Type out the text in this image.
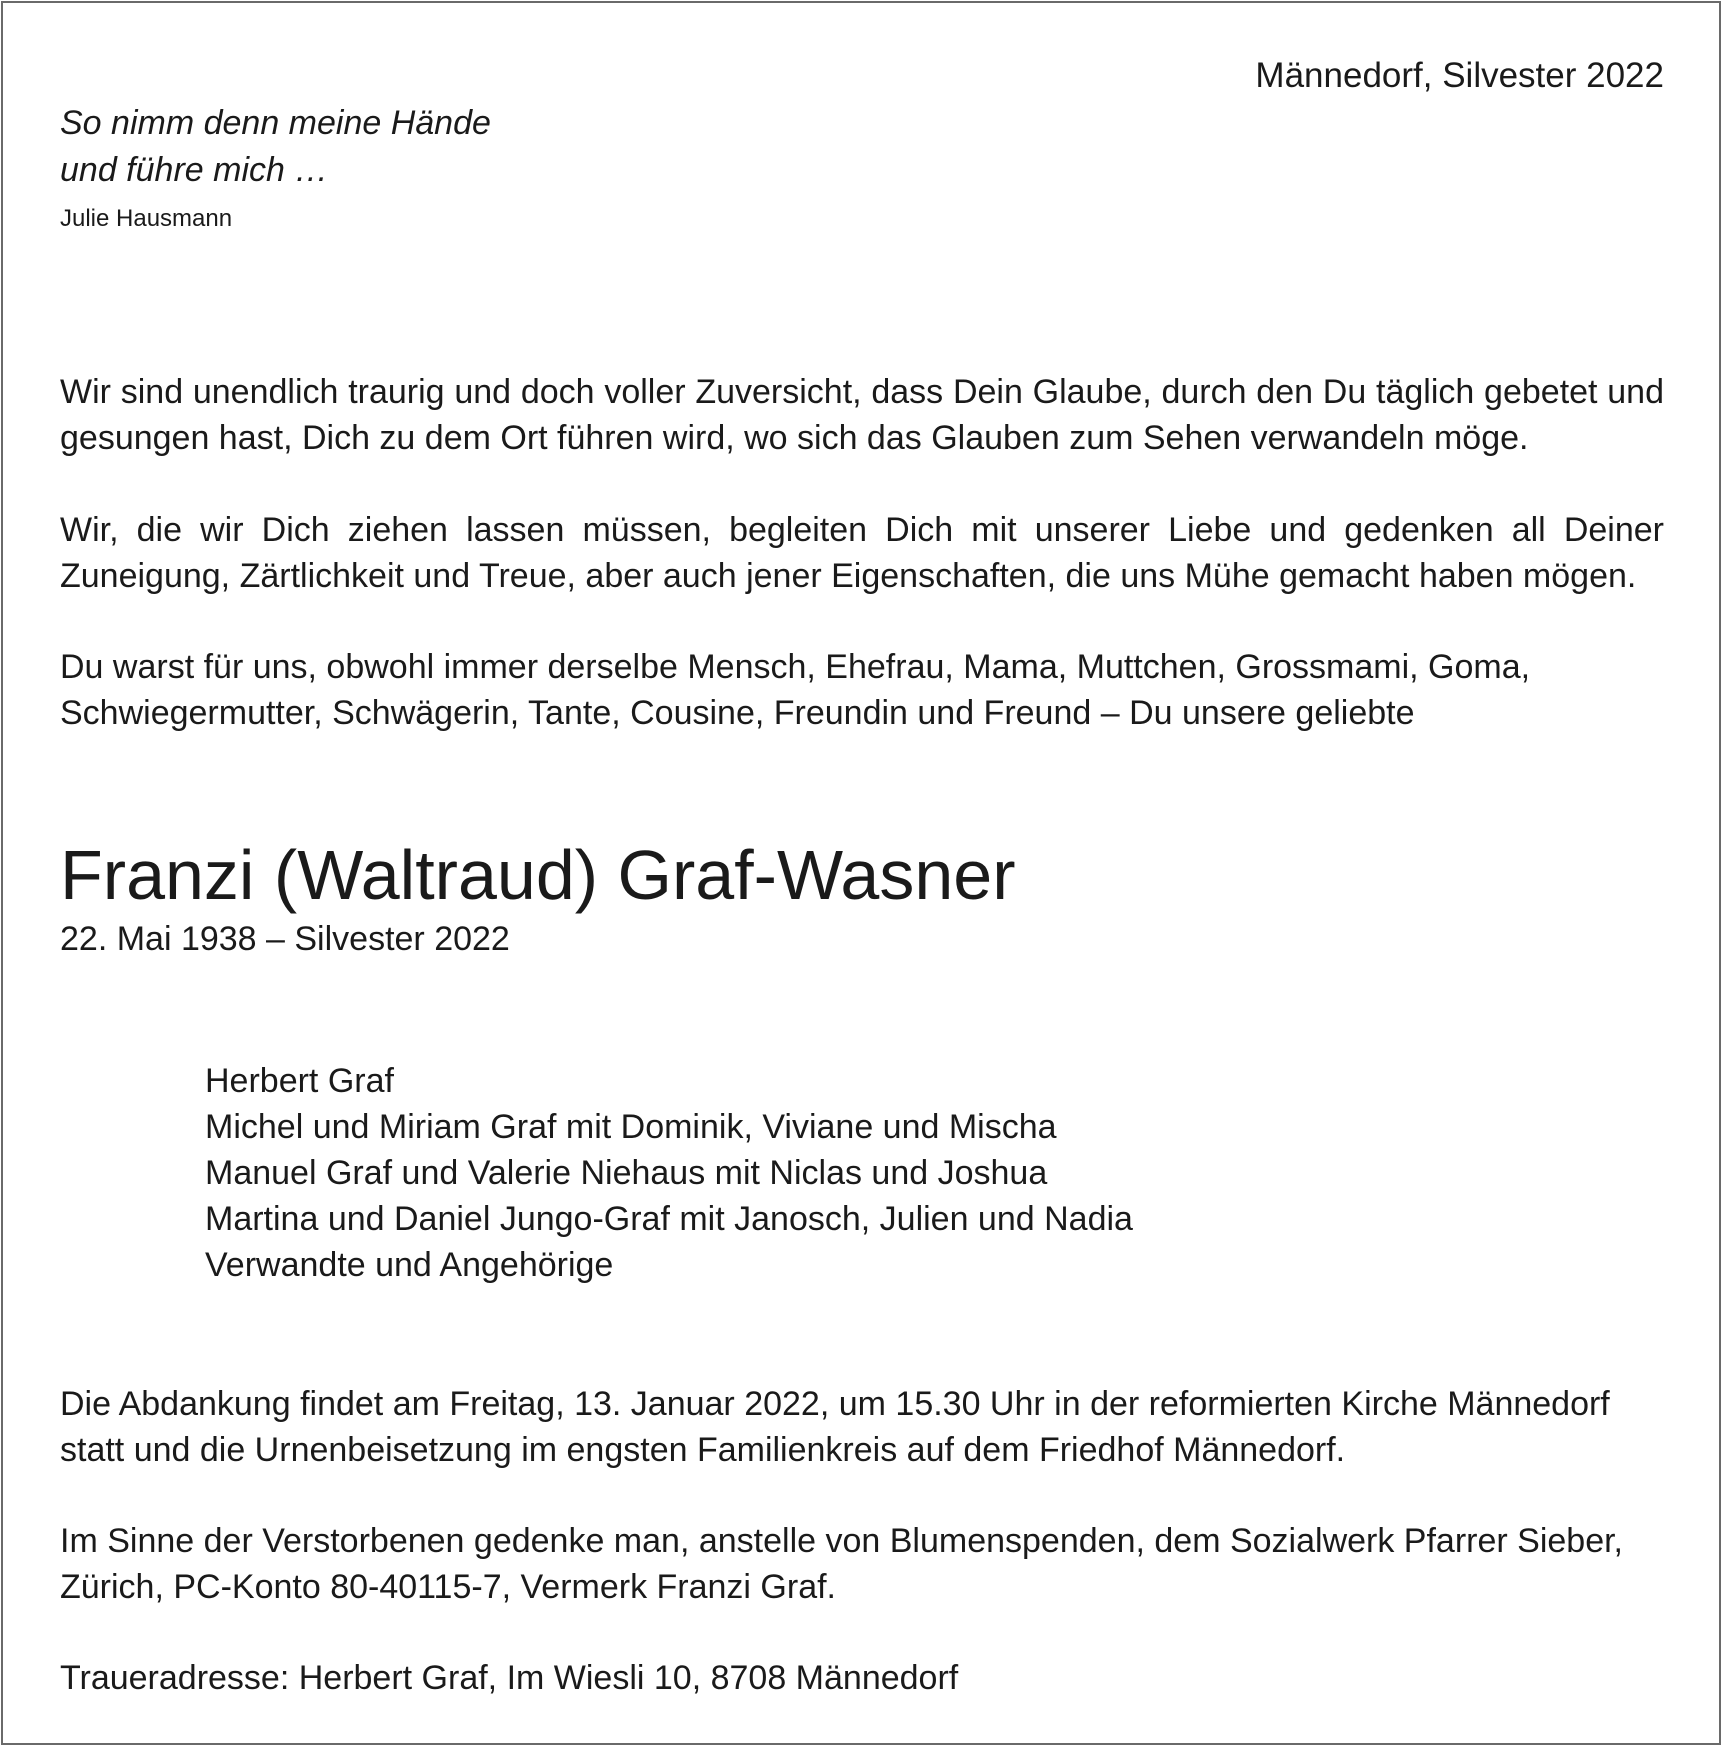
Männedorf, Silvester 2022
So nimm denn meine Hände
und führe mich …
Julie Hausmann

Wir sind unendlich traurig und doch voller Zuversicht, dass Dein Glaube, durch den Du täglich gebetet und gesungen hast, Dich zu dem Ort führen wird, wo sich das Glauben zum Sehen verwandeln möge.

Wir, die wir Dich ziehen lassen müssen, begleiten Dich mit unserer Liebe und gedenken all Deiner Zuneigung, Zärtlichkeit und Treue, aber auch jener Eigenschaften, die uns Mühe gemacht haben mögen.

Du warst für uns, obwohl immer derselbe Mensch, Ehefrau, Mama, Muttchen, Grossmami, Goma, Schwiegermutter, Schwägerin, Tante, Cousine, Freundin und Freund – Du unsere geliebte

Franzi (Waltraud) Graf-Wasner
22. Mai 1938 – Silvester 2022
Herbert Graf
Michel und Miriam Graf mit Dominik, Viviane und Mischa
Manuel Graf und Valerie Niehaus mit Niclas und Joshua
Martina und Daniel Jungo-Graf mit Janosch, Julien und Nadia
Verwandte und Angehörige

Die Abdankung findet am Freitag, 13. Januar 2022, um 15.30 Uhr in der reformierten Kirche Männedorf statt und die Urnenbeisetzung im engsten Familienkreis auf dem Friedhof Männedorf.

Im Sinne der Verstorbenen gedenke man, anstelle von Blumenspenden, dem Sozialwerk Pfarrer Sieber, Zürich, PC-Konto 80-40115-7, Vermerk Franzi Graf.

Traueradresse: Herbert Graf, Im Wiesli 10, 8708 Männedorf
